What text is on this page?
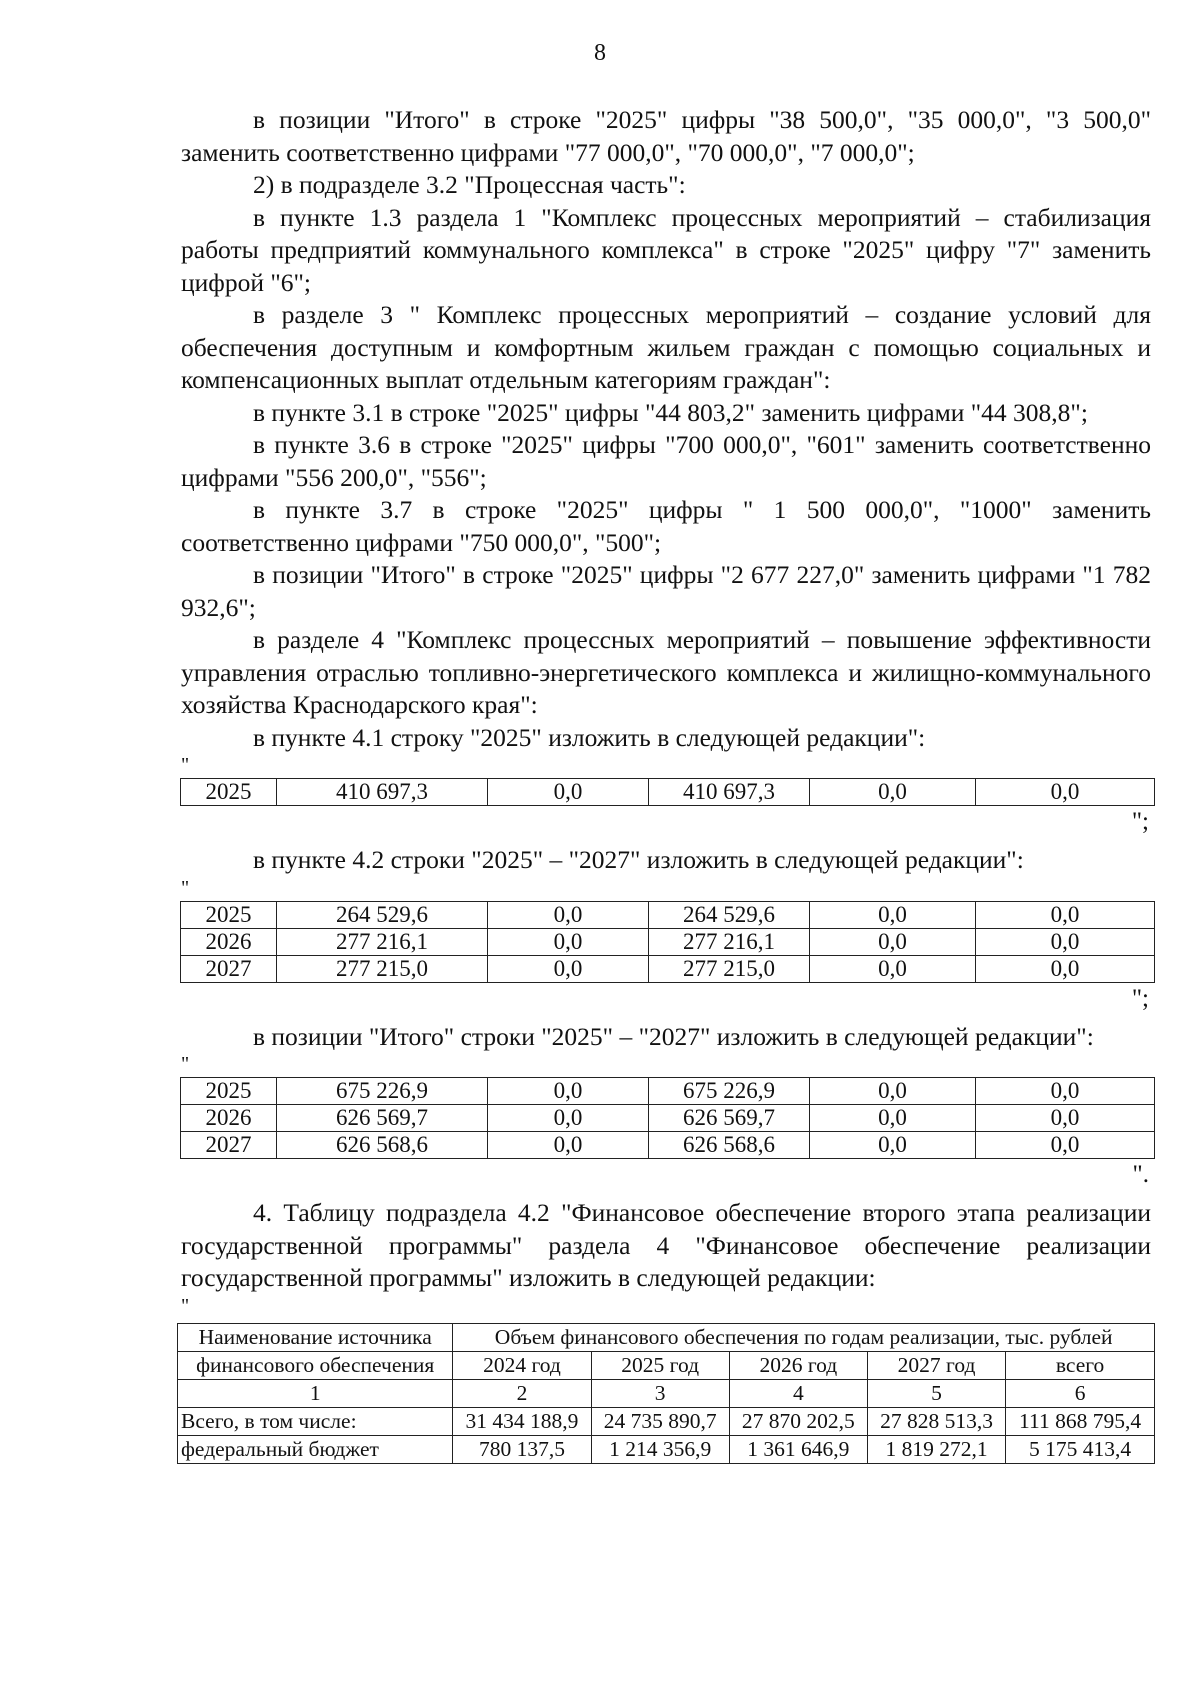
8

в позиции "Итого" в строке "2025" цифры "38 500,0", "35 000,0", "3 500,0" заменить соответственно цифрами "77 000,0", "70 000,0", "7 000,0";

2) в подразделе 3.2 "Процессная часть":

в пункте 1.3 раздела 1 "Комплекс процессных мероприятий – стабилизация работы предприятий коммунального комплекса" в строке "2025" цифру "7" заменить цифрой "6";

в разделе 3 " Комплекс процессных мероприятий – создание условий для обеспечения доступным и комфортным жильем граждан с помощью социальных и компенсационных выплат отдельным категориям граждан":

в пункте 3.1 в строке "2025" цифры "44 803,2" заменить цифрами "44 308,8";

в пункте 3.6 в строке "2025" цифры "700 000,0", "601" заменить соответственно цифрами "556 200,0", "556";

в пункте 3.7 в строке "2025" цифры " 1 500 000,0", "1000" заменить соответственно цифрами "750 000,0", "500";

в позиции "Итого" в строке "2025" цифры "2 677 227,0" заменить цифрами "1 782 932,6";

в разделе 4 "Комплекс процессных мероприятий – повышение эффективности управления отраслью топливно-энергетического комплекса и жилищно-коммунального хозяйства Краснодарского края":

в пункте 4.1 строку "2025" изложить в следующей редакции":

"

2025	410 697,3	0,0	410 697,3	0,0	0,0

";

в пункте 4.2 строки "2025" – "2027" изложить в следующей редакции":

"

2025	264 529,6	0,0	264 529,6	0,0	0,0
2026	277 216,1	0,0	277 216,1	0,0	0,0
2027	277 215,0	0,0	277 215,0	0,0	0,0

";

в позиции "Итого" строки "2025" – "2027" изложить в следующей редакции":

"

2025	675 226,9	0,0	675 226,9	0,0	0,0
2026	626 569,7	0,0	626 569,7	0,0	0,0
2027	626 568,6	0,0	626 568,6	0,0	0,0

".

4. Таблицу подраздела 4.2 "Финансовое обеспечение второго этапа реализации государственной программы" раздела 4 "Финансовое обеспечение реализации государственной программы" изложить в следующей редакции:

"

Наименование источника	Объем финансового обеспечения по годам реализации, тыс. рублей				
финансового обеспечения	2024 год	2025 год	2026 год	2027 год	всего
1	2	3	4	5	6
Всего, в том числе:	31 434 188,9	24 735 890,7	27 870 202,5	27 828 513,3	111 868 795,4
федеральный бюджет	780 137,5	1 214 356,9	1 361 646,9	1 819 272,1	5 175 413,4
